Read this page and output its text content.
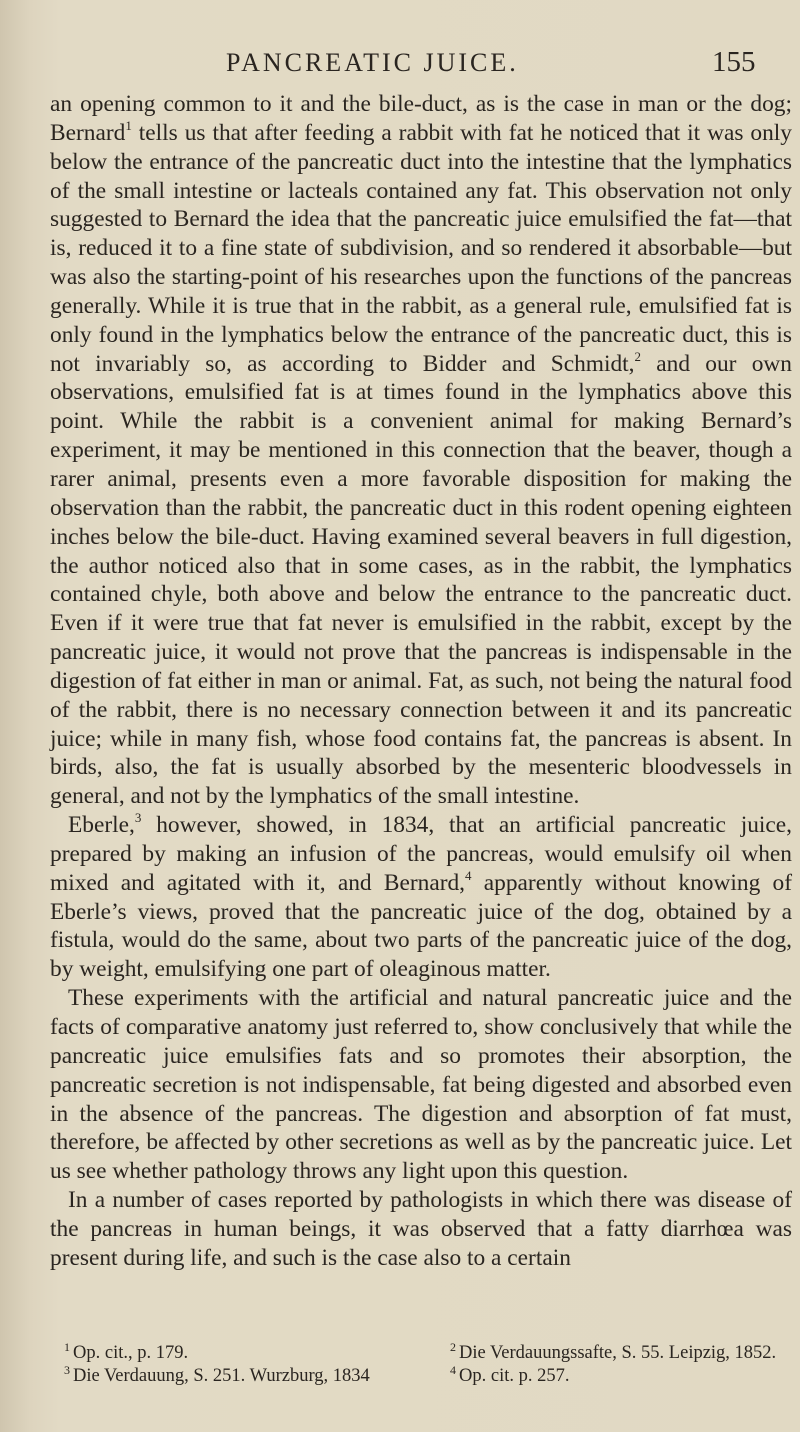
PANCREATIC JUICE.	155

an opening common to it and the bile-duct, as is the case in man or the dog; Bernard$^1$ tells us that after feeding a rabbit with fat he noticed that it was only below the entrance of the pancreatic duct into the intestine that the lymphatics of the small intestine or lacteals contained any fat. This observation not only suggested to Bernard the idea that the pancreatic juice emulsified the fat—that is, reduced it to a fine state of subdivision, and so rendered it absorbable—but was also the starting-point of his researches upon the functions of the pancreas generally. While it is true that in the rabbit, as a general rule, emulsified fat is only found in the lymphatics below the entrance of the pancreatic duct, this is not invariably so, as according to Bidder and Schmidt,$^2$ and our own observations, emulsified fat is at times found in the lymphatics above this point. While the rabbit is a convenient animal for making Bernard’s experiment, it may be mentioned in this connection that the beaver, though a rarer animal, presents even a more favorable disposition for making the observation than the rabbit, the pancreatic duct in this rodent opening eighteen inches below the bile-duct. Having examined several beavers in full digestion, the author noticed also that in some cases, as in the rabbit, the lymphatics contained chyle, both above and below the entrance to the pancreatic duct. Even if it were true that fat never is emulsified in the rabbit, except by the pancreatic juice, it would not prove that the pancreas is indispensable in the digestion of fat either in man or animal. Fat, as such, not being the natural food of the rabbit, there is no necessary connection between it and its pancreatic juice; while in many fish, whose food contains fat, the pancreas is absent. In birds, also, the fat is usually absorbed by the mesenteric bloodvessels in general, and not by the lymphatics of the small intestine.

Eberle,$^3$ however, showed, in 1834, that an artificial pancreatic juice, prepared by making an infusion of the pancreas, would emulsify oil when mixed and agitated with it, and Bernard,$^4$ apparently without knowing of Eberle’s views, proved that the pancreatic juice of the dog, obtained by a fistula, would do the same, about two parts of the pancreatic juice of the dog, by weight, emulsifying one part of oleaginous matter.

These experiments with the artificial and natural pancreatic juice and the facts of comparative anatomy just referred to, show conclusively that while the pancreatic juice emulsifies fats and so promotes their absorption, the pancreatic secretion is not indispensable, fat being digested and absorbed even in the absence of the pancreas. The digestion and absorption of fat must, therefore, be affected by other secretions as well as by the pancreatic juice. Let us see whether pathology throws any light upon this question.

In a number of cases reported by pathologists in which there was disease of the pancreas in human beings, it was observed that a fatty diarrhœa was present during life, and such is the case also to a certain

$^1$ Op. cit., p. 179.	$^2$ Die Verdauungssafte, S. 55. Leipzig, 1852.
$^3$ Die Verdauung, S. 251. Wurzburg, 1834	$^4$ Op. cit. p. 257.
